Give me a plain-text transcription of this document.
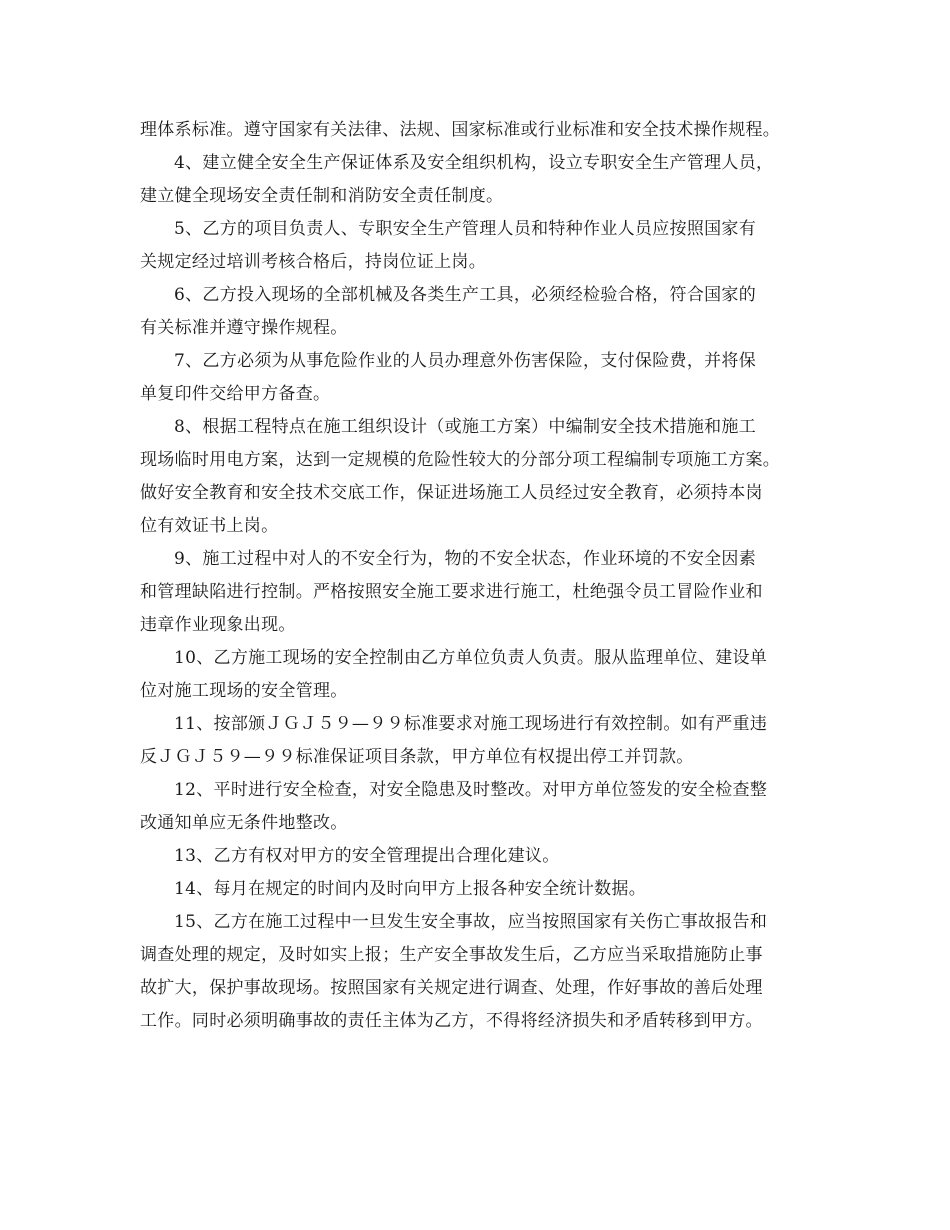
理体系标准。遵守国家有关法律、法规、国家标准或行业标准和安全技术操作规程。
4、建立健全安全生产保证体系及安全组织机构，设立专职安全生产管理人员，
建立健全现场安全责任制和消防安全责任制度。
5、乙方的项目负责人、专职安全生产管理人员和特种作业人员应按照国家有
关规定经过培训考核合格后，持岗位证上岗。
6、乙方投入现场的全部机械及各类生产工具，必须经检验合格，符合国家的
有关标准并遵守操作规程。
7、乙方必须为从事危险作业的人员办理意外伤害保险，支付保险费，并将保
单复印件交给甲方备查。
8、根据工程特点在施工组织设计（或施工方案）中编制安全技术措施和施工
现场临时用电方案，达到一定规模的危险性较大的分部分项工程编制专项施工方案。
做好安全教育和安全技术交底工作，保证进场施工人员经过安全教育，必须持本岗
位有效证书上岗。
9、施工过程中对人的不安全行为，物的不安全状态，作业环境的不安全因素
和管理缺陷进行控制。严格按照安全施工要求进行施工，杜绝强令员工冒险作业和
违章作业现象出现。
10、乙方施工现场的安全控制由乙方单位负责人负责。服从监理单位、建设单
位对施工现场的安全管理。
11、按部颁ＪＧＪ５９—９９标准要求对施工现场进行有效控制。如有严重违
反ＪＧＪ５９—９９标准保证项目条款，甲方单位有权提出停工并罚款。
12、平时进行安全检查，对安全隐患及时整改。对甲方单位签发的安全检查整
改通知单应无条件地整改。
13、乙方有权对甲方的安全管理提出合理化建议。
14、每月在规定的时间内及时向甲方上报各种安全统计数据。
15、乙方在施工过程中一旦发生安全事故，应当按照国家有关伤亡事故报告和
调查处理的规定，及时如实上报；生产安全事故发生后，乙方应当采取措施防止事
故扩大，保护事故现场。按照国家有关规定进行调查、处理，作好事故的善后处理
工作。同时必须明确事故的责任主体为乙方，不得将经济损失和矛盾转移到甲方。
